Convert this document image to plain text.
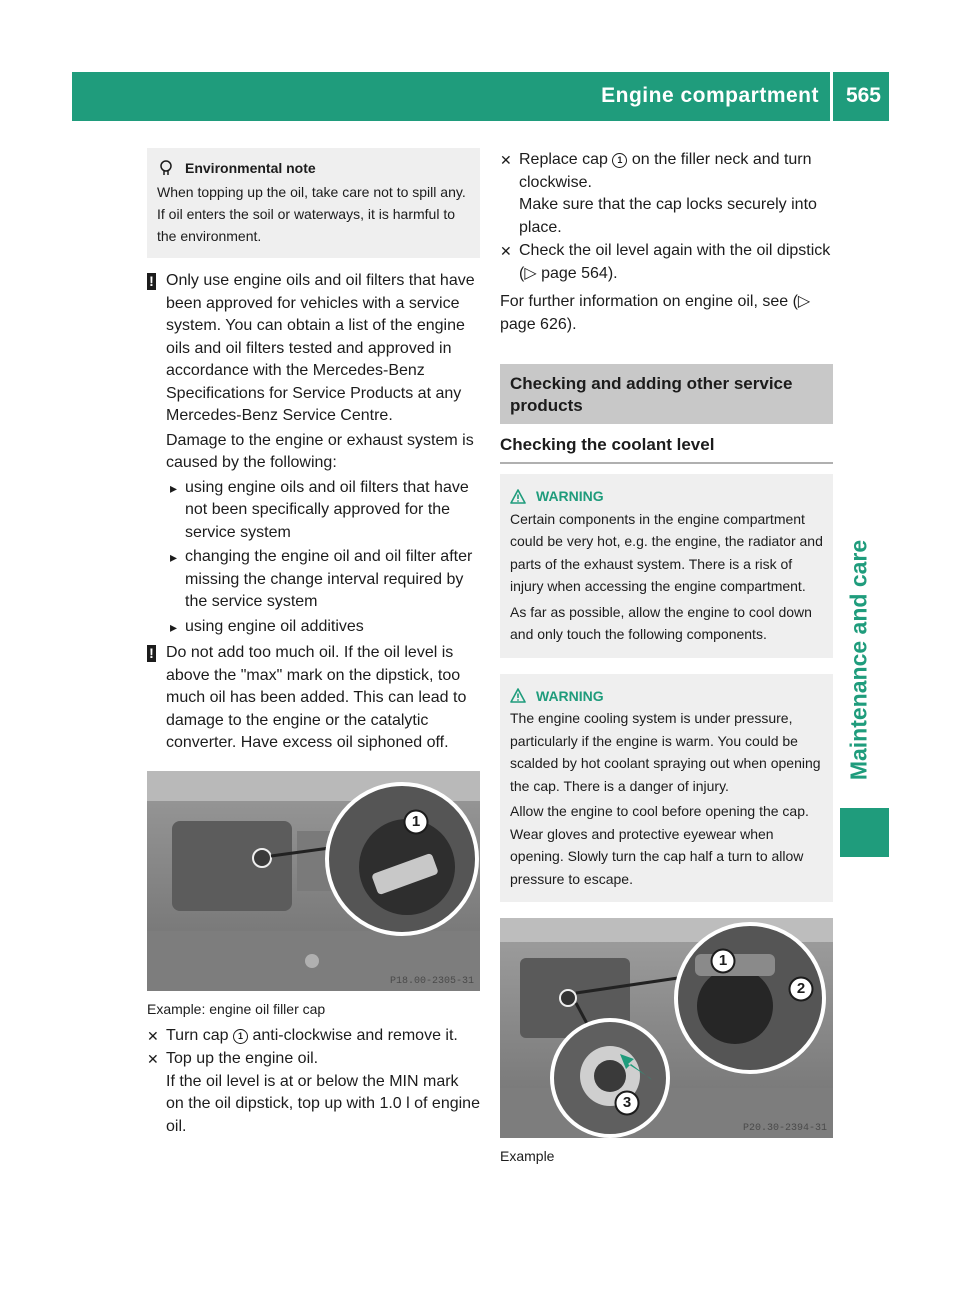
Engine compartment 565
Maintenance and care
Environmental note

When topping up the oil, take care not to spill any. If oil enters the soil or waterways, it is harmful to the environment.

! Only use engine oils and oil filters that have been approved for vehicles with a service system. You can obtain a list of the engine oils and oil filters tested and approved in accordance with the Mercedes-Benz Specifications for Service Products at any Mercedes-Benz Service Centre.

Damage to the engine or exhaust system is caused by the following:

▸ using engine oils and oil filters that have not been specifically approved for the service system
▸ changing the engine oil and oil filter after missing the change interval required by the service system
▸ using engine oil additives
! Do not add too much oil. If the oil level is above the "max" mark on the dipstick, too much oil has been added. This can lead to damage to the engine or the catalytic converter. Have excess oil siphoned off.

1
P18.00-2305-31

Example: engine oil filler cap

✕ Turn cap 1 anti-clockwise and remove it.
✕ Top up the engine oil.

If the oil level is at or below the MIN mark on the oil dipstick, top up with 1.0 l of engine oil.

✕ Replace cap 1 on the filler neck and turn clockwise.

Make sure that the cap locks securely into place.

✕ Check the oil level again with the oil dipstick (▷ page 564).

For further information on engine oil, see (▷ page 626).

Checking and adding other service products
Checking the coolant level
WARNING

Certain components in the engine compartment could be very hot, e.g. the engine, the radiator and parts of the exhaust system. There is a risk of injury when accessing the engine compartment.

As far as possible, allow the engine to cool down and only touch the following components.

WARNING

The engine cooling system is under pressure, particularly if the engine is warm. You could be scalded by hot coolant spraying out when opening the cap. There is a danger of injury.

Allow the engine to cool before opening the cap. Wear gloves and protective eyewear when opening. Slowly turn the cap half a turn to allow pressure to escape.

1
2
3
P20.30-2394-31

Example
